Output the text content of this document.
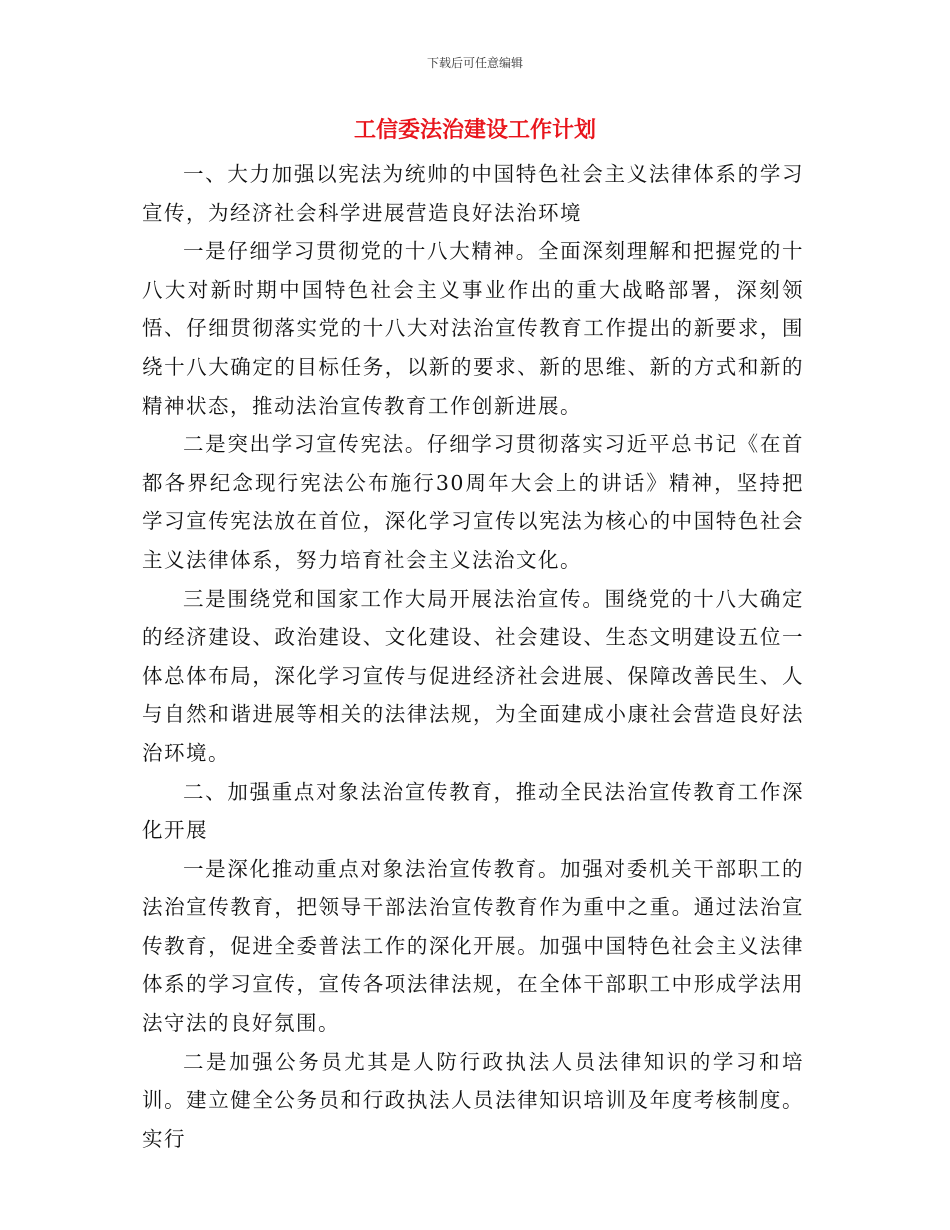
下载后可任意编辑
工信委法治建设工作计划

一、大力加强以宪法为统帅的中国特色社会主义法律体系的学习宣传，为经济社会科学进展营造良好法治环境

一是仔细学习贯彻党的十八大精神。全面深刻理解和把握党的十八大对新时期中国特色社会主义事业作出的重大战略部署，深刻领悟、仔细贯彻落实党的十八大对法治宣传教育工作提出的新要求，围绕十八大确定的目标任务，以新的要求、新的思维、新的方式和新的精神状态，推动法治宣传教育工作创新进展。

二是突出学习宣传宪法。仔细学习贯彻落实习近平总书记《在首都各界纪念现行宪法公布施行30周年大会上的讲话》精神，坚持把学习宣传宪法放在首位，深化学习宣传以宪法为核心的中国特色社会主义法律体系，努力培育社会主义法治文化。

三是围绕党和国家工作大局开展法治宣传。围绕党的十八大确定的经济建设、政治建设、文化建设、社会建设、生态文明建设五位一体总体布局，深化学习宣传与促进经济社会进展、保障改善民生、人与自然和谐进展等相关的法律法规，为全面建成小康社会营造良好法治环境。

二、加强重点对象法治宣传教育，推动全民法治宣传教育工作深化开展

一是深化推动重点对象法治宣传教育。加强对委机关干部职工的法治宣传教育，把领导干部法治宣传教育作为重中之重。通过法治宣传教育，促进全委普法工作的深化开展。加强中国特色社会主义法律体系的学习宣传，宣传各项法律法规，在全体干部职工中形成学法用法守法的良好氛围。

二是加强公务员尤其是人防行政执法人员法律知识的学习和培训。建立健全公务员和行政执法人员法律知识培训及年度考核制度。实行
